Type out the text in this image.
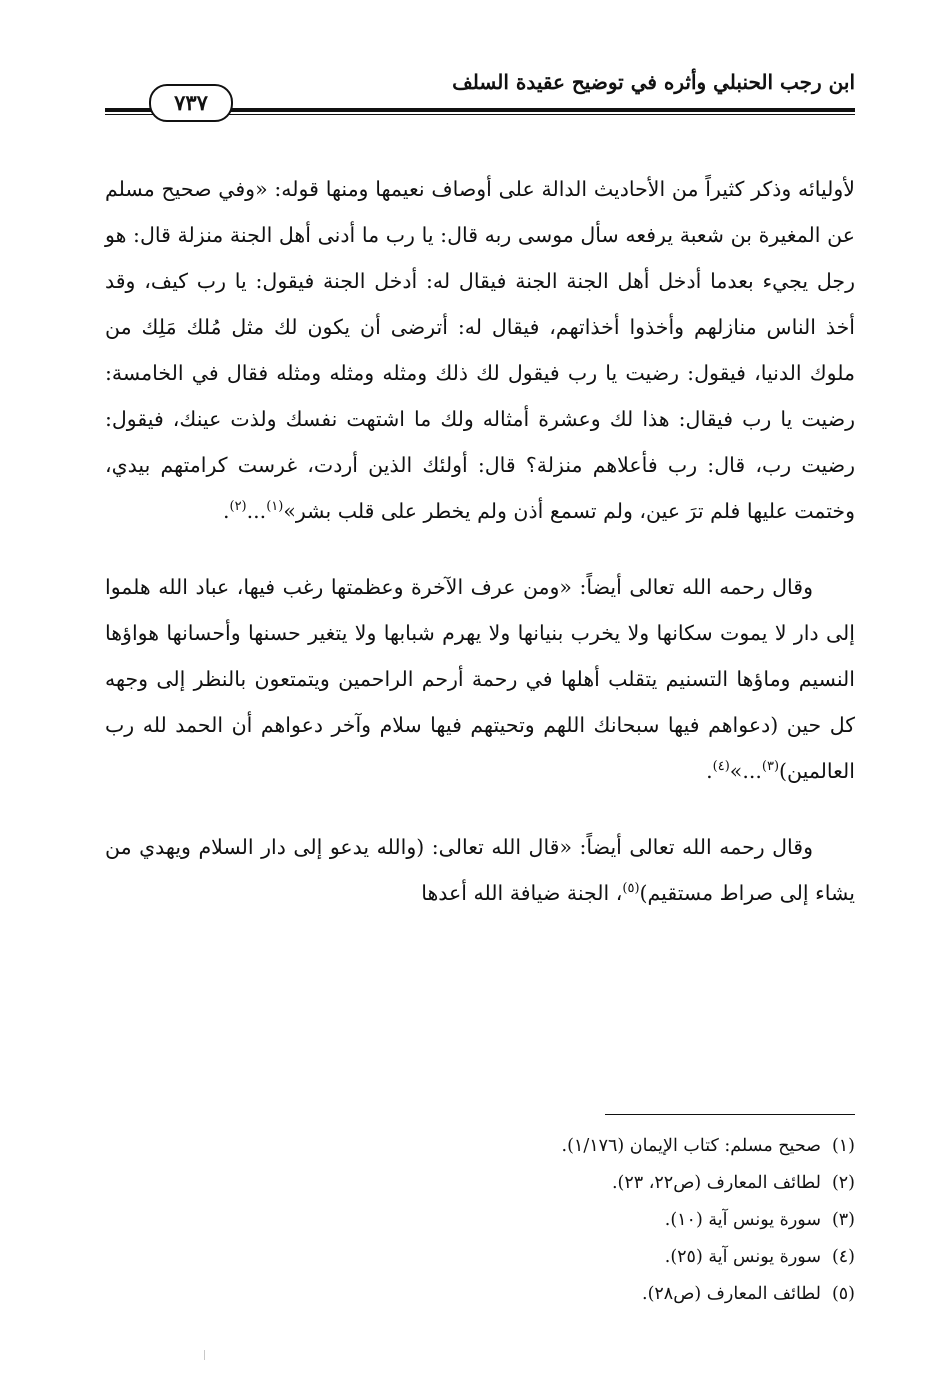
ابن رجب الحنبلي وأثره في توضيح عقيدة السلف
٧٣٧

لأوليائه وذكر كثيراً من الأحاديث الدالة على أوصاف نعيمها ومنها قوله: «وفي صحيح مسلم عن المغيرة بن شعبة يرفعه سأل موسى ربه قال: يا رب ما أدنى أهل الجنة منزلة قال: هو رجل يجيء بعدما أدخل أهل الجنة الجنة فيقال له: أدخل الجنة فيقول: يا رب كيف، وقد أخذ الناس منازلهم وأخذوا أخذاتهم، فيقال له: أترضى أن يكون لك مثل مُلك مَلِك من ملوك الدنيا، فيقول: رضيت يا رب فيقول لك ذلك ومثله ومثله ومثله فقال في الخامسة: رضيت يا رب فيقال: هذا لك وعشرة أمثاله ولك ما اشتهت نفسك ولذت عينك، فيقول: رضيت رب، قال: رب فأعلاهم منزلة؟ قال: أولئك الذين أردت، غرست كرامتهم بيدي، وختمت عليها فلم ترَ عين، ولم تسمع أذن ولم يخطر على قلب بشر»$^{(١)}$...$^{(٢)}$.

وقال رحمه الله تعالى أيضاً: «ومن عرف الآخرة وعظمتها رغب فيها، عباد الله هلموا إلى دار لا يموت سكانها ولا يخرب بنيانها ولا يهرم شبابها ولا يتغير حسنها وأحسانها هواؤها النسيم وماؤها التسنيم يتقلب أهلها في رحمة أرحم الراحمين ويتمتعون بالنظر إلى وجهه كل حين (دعواهم فيها سبحانك اللهم وتحيتهم فيها سلام وآخر دعواهم أن الحمد لله رب العالمين)$^{(٣)}$...»$^{(٤)}$.

وقال رحمه الله تعالى أيضاً: «قال الله تعالى: (والله يدعو إلى دار السلام ويهدي من يشاء إلى صراط مستقيم)$^{(٥)}$، الجنة ضيافة الله أعدها

(١)صحيح مسلم: كتاب الإيمان (١/١٧٦).
(٢)لطائف المعارف (ص٢٢، ٢٣).
(٣)سورة يونس آية (١٠).
(٤)سورة يونس آية (٢٥).
(٥)لطائف المعارف (ص٢٨).
